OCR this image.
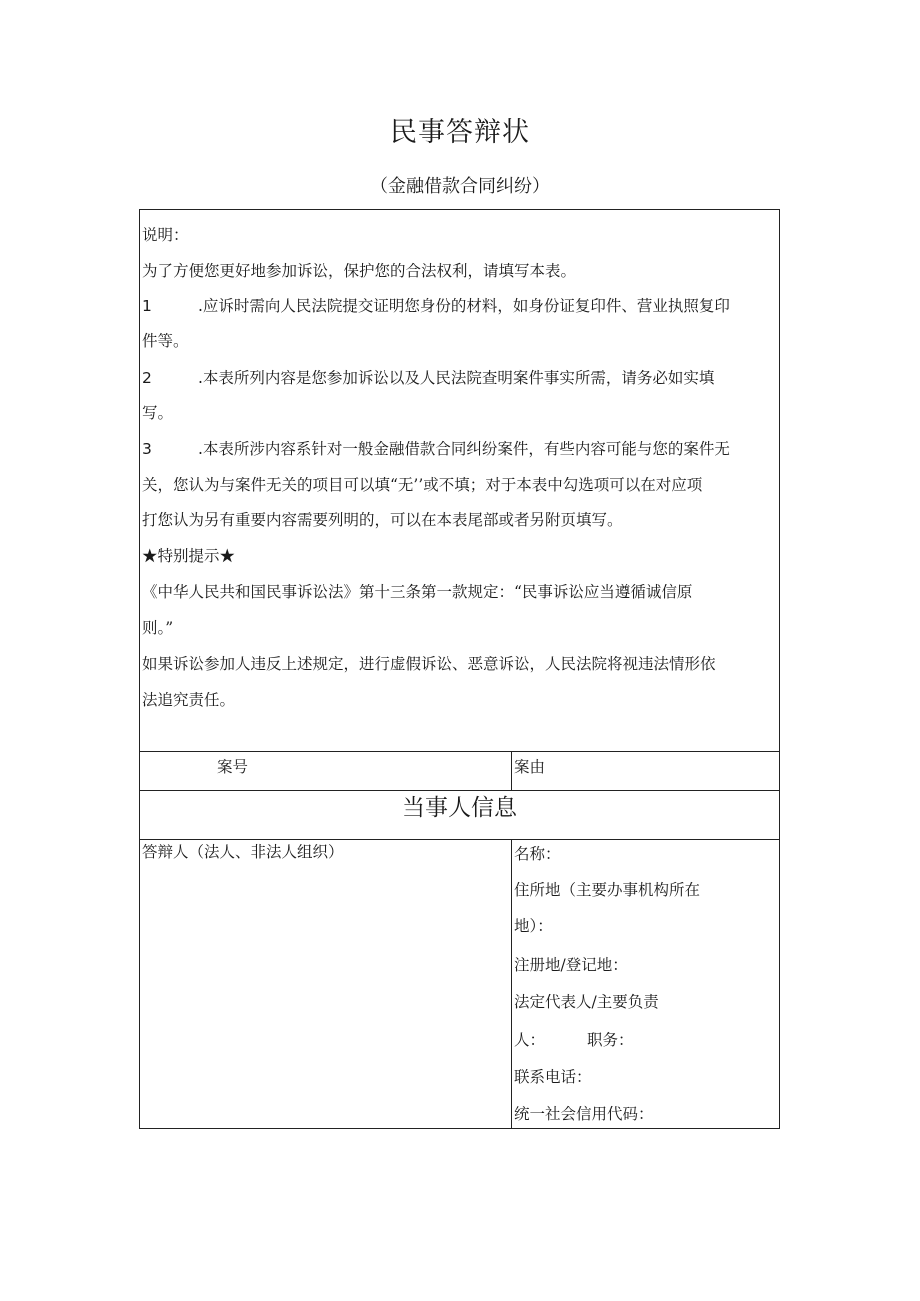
民事答辩状
（金融借款合同纠纷）
说明：
为了方便您更好地参加诉讼，保护您的合法权利，请填写本表。
1	.应诉时需向人民法院提交证明您身份的材料，如身份证复印件、营业执照复印
件等。
2	.本表所列内容是您参加诉讼以及人民法院查明案件事实所需，请务必如实填
写。
3	.本表所涉内容系针对一般金融借款合同纠纷案件，有些内容可能与您的案件无
关，您认为与案件无关的项目可以填“无’’或不填；对于本表中勾选项可以在对应项
打您认为另有重要内容需要列明的，可以在本表尾部或者另附页填写。
★特别提示★
《中华人民共和国民事诉讼法》第十三条第一款规定：“民事诉讼应当遵循诚信原
则。”
如果诉讼参加人违反上述规定，进行虚假诉讼、恶意诉讼，人民法院将视违法情形依
法追究责任。
案号	案由
当事人信息
答辩人（法人、非法人组织）	名称：
住所地（主要办事机构所在
地）：
注册地/登记地：
法定代表人/主要负责
人：	职务：
联系电话：
统一社会信用代码：
